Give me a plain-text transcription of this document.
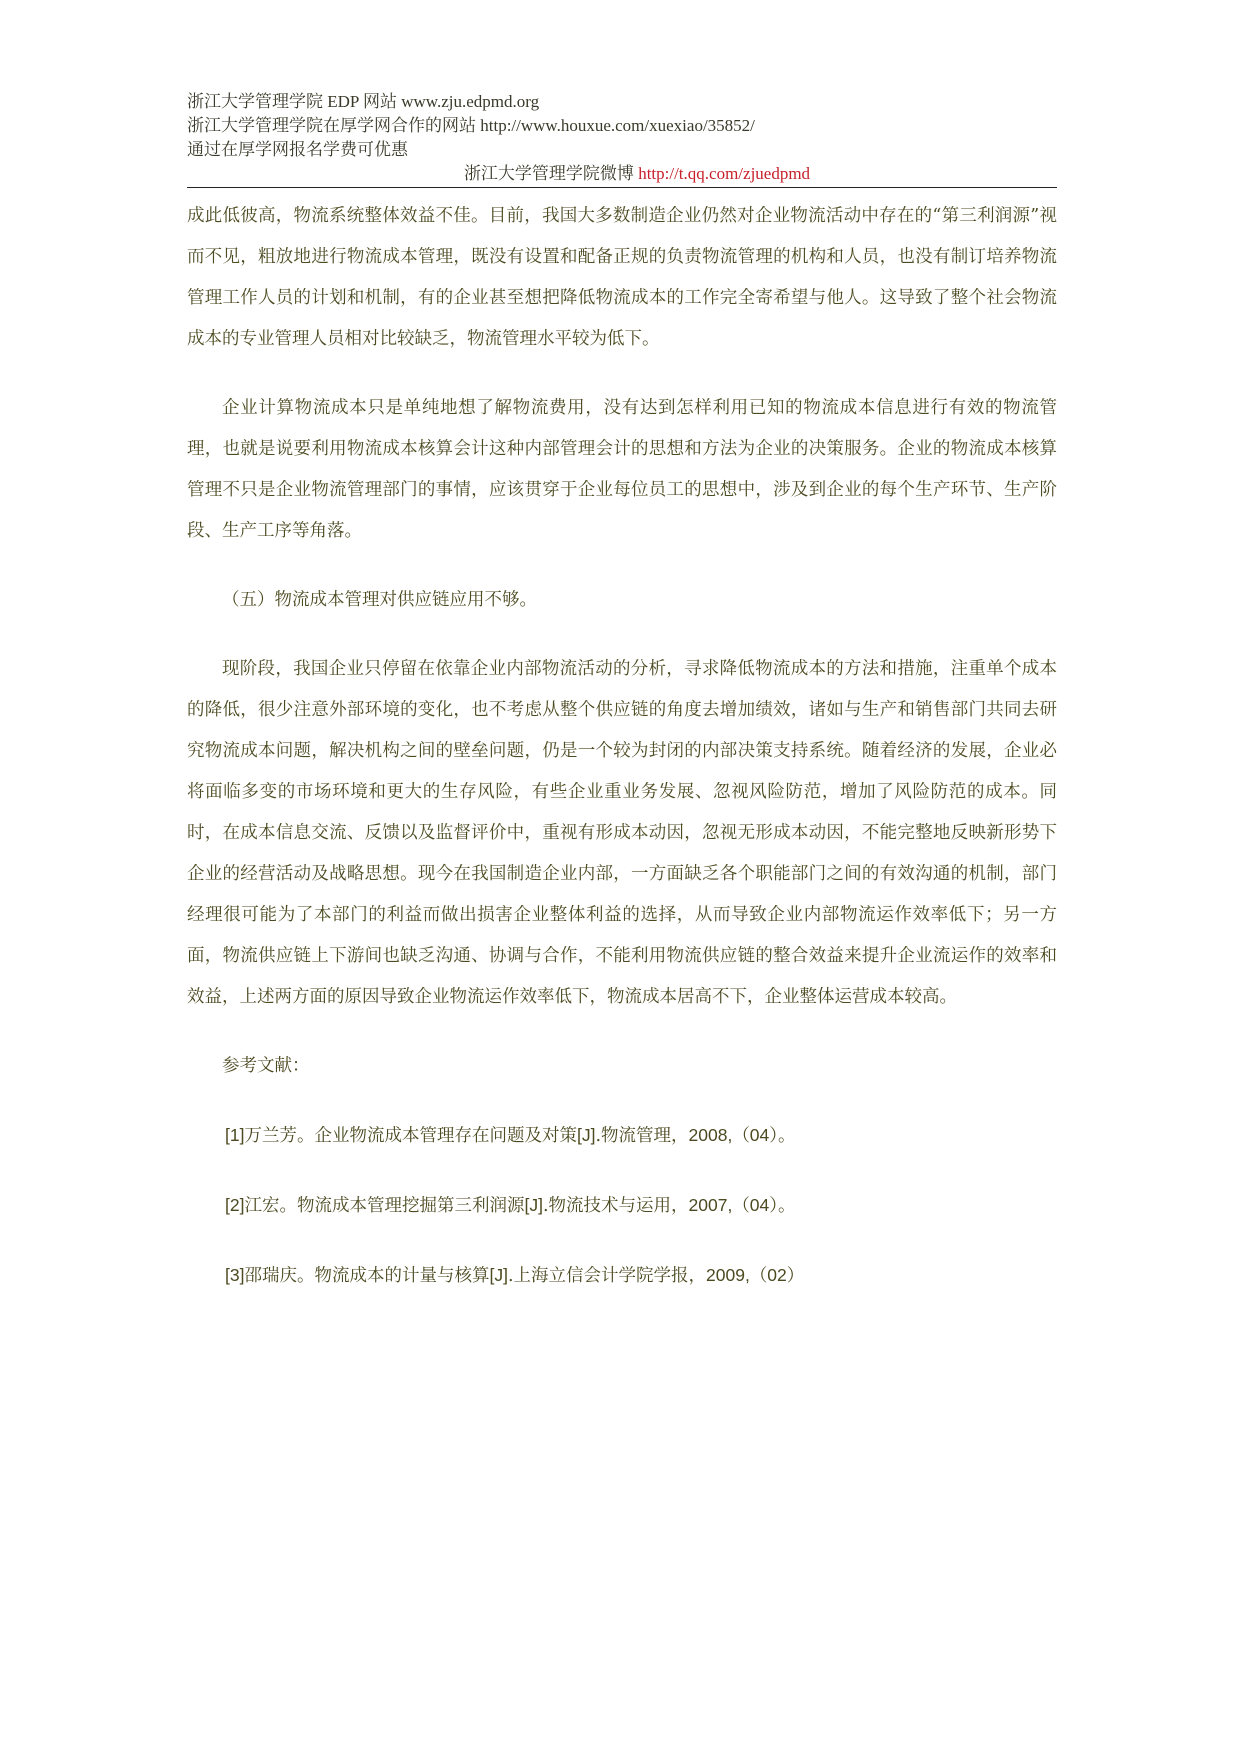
浙江大学管理学院 EDP 网站 www.zju.edpmd.org
浙江大学管理学院在厚学网合作的网站 http://www.houxue.com/xuexiao/35852/
通过在厚学网报名学费可优惠
浙江大学管理学院微博 http://t.qq.com/zjuedpmd

成此低彼高，物流系统整体效益不佳。目前，我国大多数制造企业仍然对企业物流活动中存在的“第三利润源”视而不见，粗放地进行物流成本管理，既没有设置和配备正规的负责物流管理的机构和人员，也没有制订培养物流管理工作人员的计划和机制，有的企业甚至想把降低物流成本的工作完全寄希望与他人。这导致了整个社会物流成本的专业管理人员相对比较缺乏，物流管理水平较为低下。

企业计算物流成本只是单纯地想了解物流费用，没有达到怎样利用已知的物流成本信息进行有效的物流管理，也就是说要利用物流成本核算会计这种内部管理会计的思想和方法为企业的决策服务。企业的物流成本核算管理不只是企业物流管理部门的事情，应该贯穿于企业每位员工的思想中，涉及到企业的每个生产环节、生产阶段、生产工序等角落。

（五）物流成本管理对供应链应用不够。

现阶段，我国企业只停留在依靠企业内部物流活动的分析，寻求降低物流成本的方法和措施，注重单个成本的降低，很少注意外部环境的变化，也不考虑从整个供应链的角度去增加绩效，诸如与生产和销售部门共同去研究物流成本问题，解决机构之间的壁垒问题，仍是一个较为封闭的内部决策支持系统。随着经济的发展，企业必将面临多变的市场环境和更大的生存风险，有些企业重业务发展、忽视风险防范，增加了风险防范的成本。同时，在成本信息交流、反馈以及监督评价中，重视有形成本动因，忽视无形成本动因，不能完整地反映新形势下企业的经营活动及战略思想。现今在我国制造企业内部，一方面缺乏各个职能部门之间的有效沟通的机制，部门经理很可能为了本部门的利益而做出损害企业整体利益的选择，从而导致企业内部物流运作效率低下；另一方面，物流供应链上下游间也缺乏沟通、协调与合作，不能利用物流供应链的整合效益来提升企业流运作的效率和效益，上述两方面的原因导致企业物流运作效率低下，物流成本居高不下，企业整体运营成本较高。

参考文献：

[1]万兰芳。企业物流成本管理存在问题及对策[J].物流管理，2008,（04）。

[2]江宏。物流成本管理挖掘第三利润源[J].物流技术与运用，2007,（04）。

[3]邵瑞庆。物流成本的计量与核算[J].上海立信会计学院学报，2009,（02）
